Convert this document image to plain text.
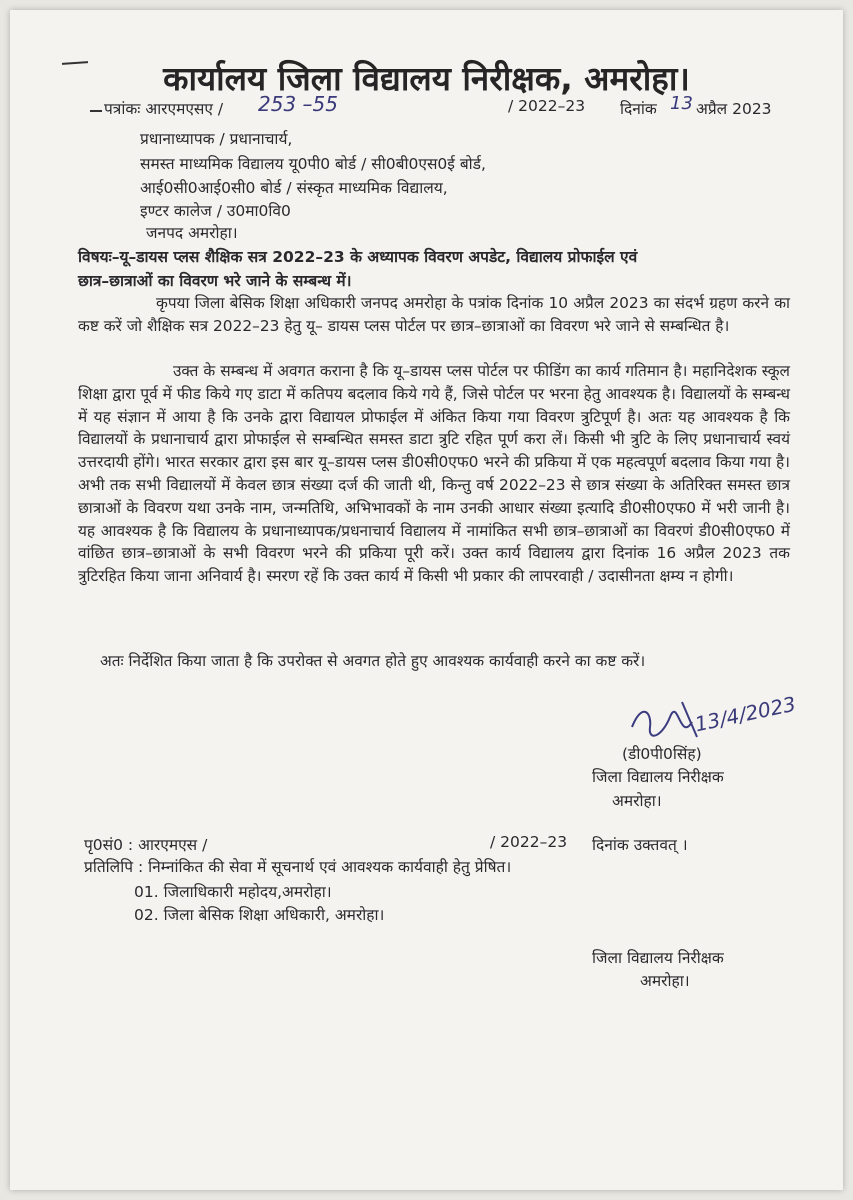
कार्यालय जिला विद्यालय निरीक्षक, अमरोहा।
पत्रांकः आरएमएसए / 253 –55	/ 2022–23 दिनांक 13 अप्रैल 2023
प्रधानाध्यापक / प्रधानाचार्य,
समस्त माध्यमिक विद्यालय यू0पी0 बोर्ड / सी0बी0एस0ई बोर्ड,
आई0सी0आई0सी0 बोर्ड / संस्कृत माध्यमिक विद्यालय,
इण्टर कालेज / उ0मा0वि0
जनपद अमरोहा।
विषयः–यू–डायस प्लस शैक्षिक सत्र 2022–23 के अध्यापक विवरण अपडेट, विद्यालय प्रोफाईल एवं
छात्र–छात्राओं का विवरण भरे जाने के सम्बन्ध में।
कृपया जिला बेसिक शिक्षा अधिकारी जनपद अमरोहा के पत्रांक दिनांक 10 अप्रैल 2023 का संदर्भ ग्रहण करने का कष्ट करें जो शैक्षिक सत्र 2022–23 हेतु यू– डायस प्लस पोर्टल पर छात्र–छात्राओं का विवरण भरे जाने से सम्बन्धित है।
उक्त के सम्बन्ध में अवगत कराना है कि यू–डायस प्लस पोर्टल पर फीडिंग का कार्य गतिमान है। महानिदेशक स्कूल शिक्षा द्वारा पूर्व में फीड किये गए डाटा में कतिपय बदलाव किये गये हैं, जिसे पोर्टल पर भरना हेतु आवश्यक है। विद्यालयों के सम्बन्ध में यह संज्ञान में आया है कि उनके द्वारा विद्यायल प्रोफाईल में अंकित किया गया विवरण त्रुटिपूर्ण है। अतः यह आवश्यक है कि विद्यालयों के प्रधानाचार्य द्वारा प्रोफाईल से सम्बन्धित समस्त डाटा त्रुटि रहित पूर्ण करा लें। किसी भी त्रुटि के लिए प्रधानाचार्य स्वयं उत्तरदायी होंगे। भारत सरकार द्वारा इस बार यू–डायस प्लस डी0सी0एफ0 भरने की प्रकिया में एक महत्वपूर्ण बदलाव किया गया है। अभी तक सभी विद्यालयों में केवल छात्र संख्या दर्ज की जाती थी, किन्तु वर्ष 2022–23 से छात्र संख्या के अतिरिक्त समस्त छात्र छात्राओं के विवरण यथा उनके नाम, जन्मतिथि, अभिभावकों के नाम उनकी आधार संख्या इत्यादि डी0सी0एफ0 में भरी जानी है। यह आवश्यक है कि विद्यालय के प्रधानाध्यापक/प्रधनाचार्य विद्यालय में नामांकित सभी छात्र–छात्राओं का विवरणं डी0सी0एफ0 में वांछित छात्र–छात्राओं के सभी विवरण भरने की प्रकिया पूरी करें। उक्त कार्य विद्यालय द्वारा दिनांक 16 अप्रैल 2023 तक त्रुटिरहित किया जाना अनिवार्य है। स्मरण रहें कि उक्त कार्य में किसी भी प्रकार की लापरवाही / उदासीनता क्षम्य न होगी।
अतः निर्देशित किया जाता है कि उपरोक्त से अवगत होते हुए आवश्यक कार्यवाही करने का कष्ट करें।
13/4/2023
(डी0पी0सिंह)
जिला विद्यालय निरीक्षक
अमरोहा।
पृ0सं0 : आरएमएस /	/ 2022–23 दिनांक उक्तवत् ।
प्रतिलिपि : निम्नांकित की सेवा में सूचनार्थ एवं आवश्यक कार्यवाही हेतु प्रेषित।
01. जिलाधिकारी महोदय,अमरोहा।
02. जिला बेसिक शिक्षा अधिकारी, अमरोहा।
जिला विद्यालय निरीक्षक
अमरोहा।
